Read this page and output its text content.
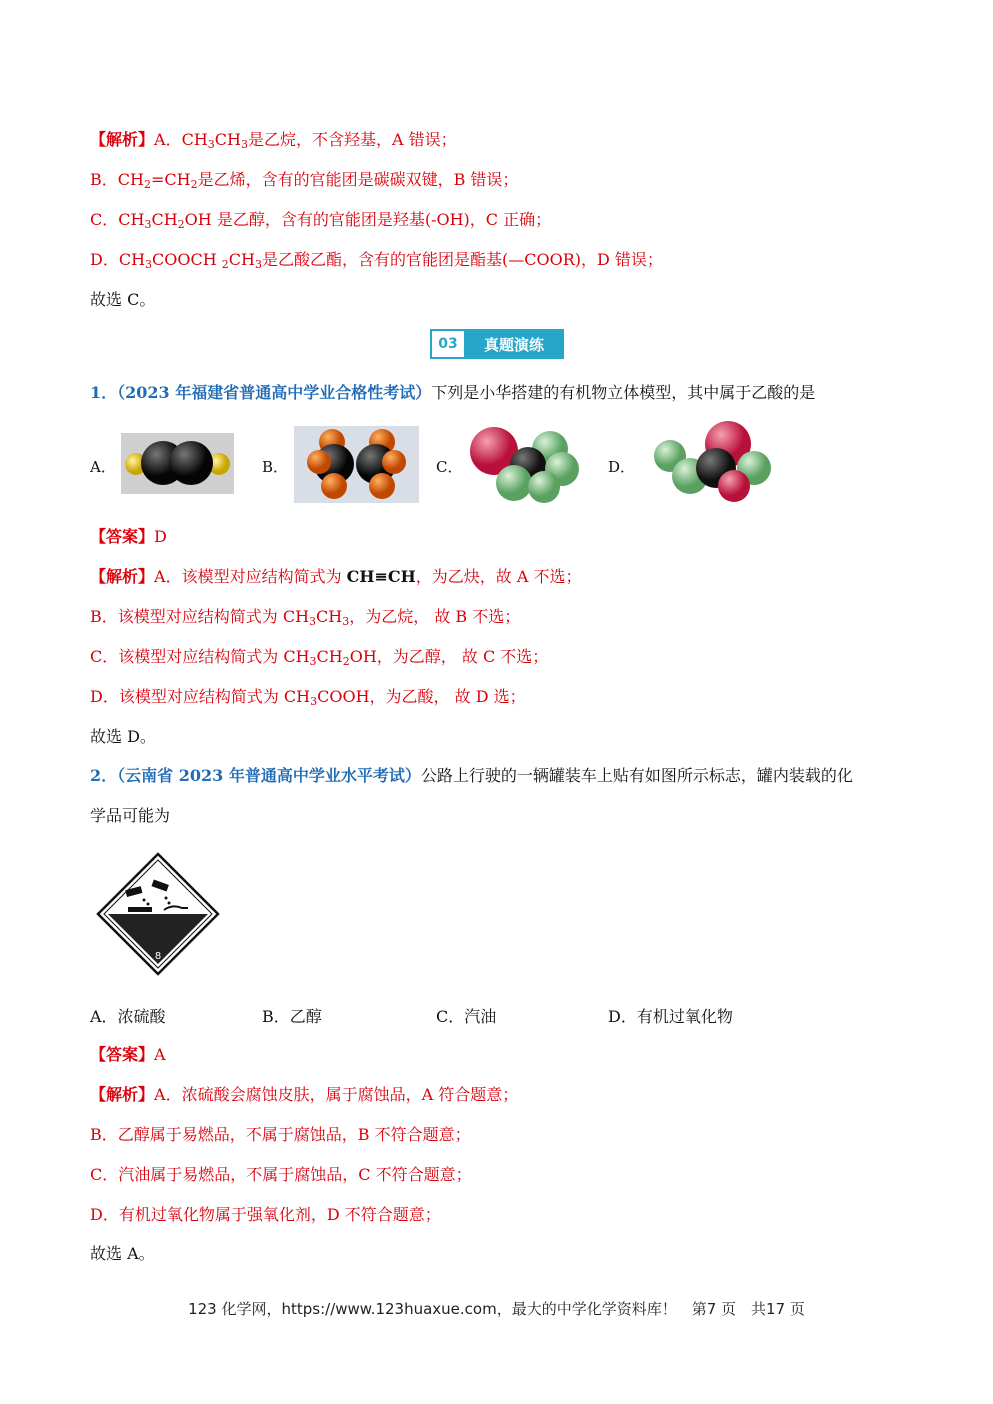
【解析】A．$CH_3CH_3$是乙烷，不含羟基，A 错误；
B．$CH_2=CH_2$是乙烯，含有的官能团是碳碳双键，B 错误；
C．$CH_3CH_2OH$ 是乙醇，含有的官能团是羟基(-OH)，C 正确；
D．$CH_3COOCH$ $_2CH_3$是乙酸乙酯，含有的官能团是酯基(—COOR)，D 错误；
故选 C。
03	真题演练
1．（2023 年福建省普通高中学业合格性考试）下列是小华搭建的有机物立体模型，其中属于乙酸的是
A．	B．	C．	D．
【答案】D
【解析】A．该模型对应结构简式为 CH≡CH，为乙炔，故 A 不选；
B．该模型对应结构简式为 $CH_3CH_3$，为乙烷， 故 B 不选；
C．该模型对应结构简式为 $CH_3CH_2OH$，为乙醇， 故 C 不选；
D．该模型对应结构简式为 $CH_3COOH$，为乙酸， 故 D 选；
故选 D。
2．（云南省 2023 年普通高中学业水平考试）公路上行驶的一辆罐装车上贴有如图所示标志，罐内装载的化
学品可能为
8
A．浓硫酸	B．乙醇	C．汽油	D．有机过氧化物
【答案】A
【解析】A．浓硫酸会腐蚀皮肤，属于腐蚀品，A 符合题意；
B．乙醇属于易燃品，不属于腐蚀品，B 不符合题意；
C．汽油属于易燃品，不属于腐蚀品，C 不符合题意；
D．有机过氧化物属于强氧化剂，D 不符合题意；
故选 A。
123 化学网，https://www.123huaxue.com，最大的中学化学资料库！　第7 页　共17 页
